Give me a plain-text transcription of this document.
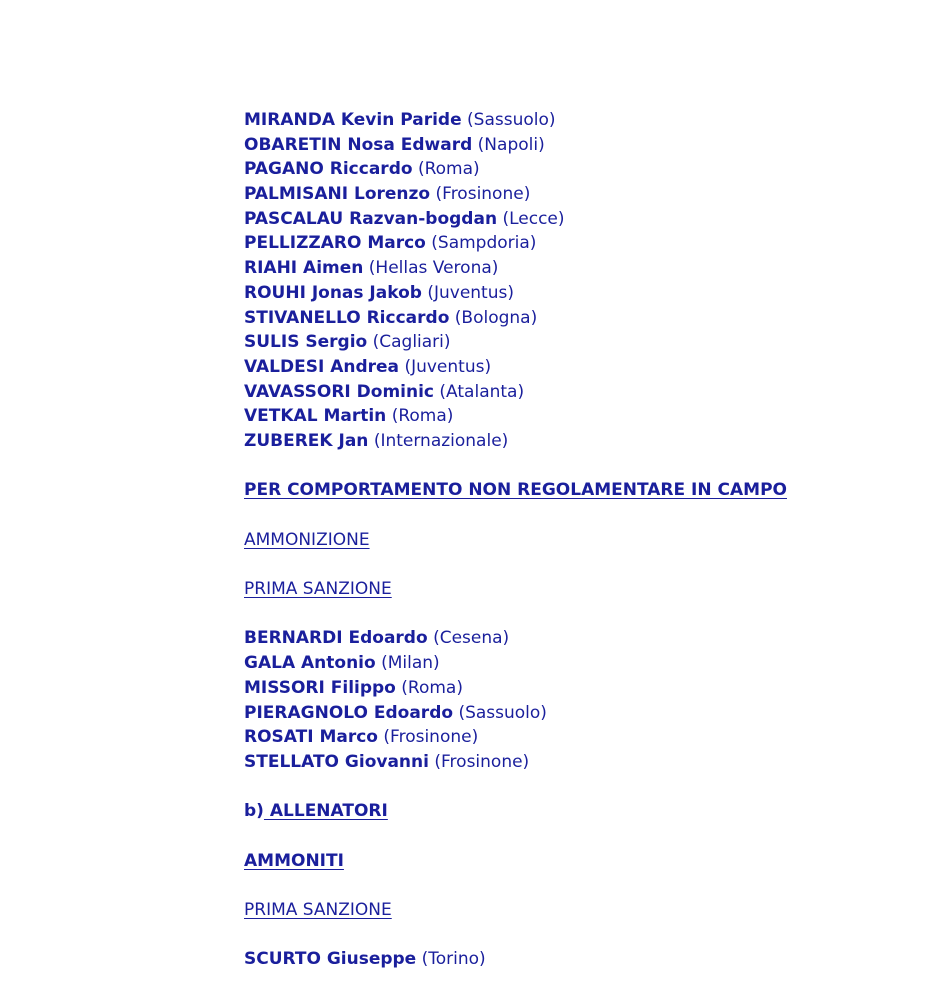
MIRANDA Kevin Paride (Sassuolo)
OBARETIN Nosa Edward (Napoli)
PAGANO Riccardo (Roma)
PALMISANI Lorenzo (Frosinone)
PASCALAU Razvan-bogdan (Lecce)
PELLIZZARO Marco (Sampdoria)
RIAHI Aimen (Hellas Verona)
ROUHI Jonas Jakob (Juventus)
STIVANELLO Riccardo (Bologna)
SULIS Sergio (Cagliari)
VALDESI Andrea (Juventus)
VAVASSORI Dominic (Atalanta)
VETKAL Martin (Roma)
ZUBEREK Jan (Internazionale)
PER COMPORTAMENTO NON REGOLAMENTARE IN CAMPO
AMMONIZIONE
PRIMA SANZIONE
BERNARDI Edoardo (Cesena)
GALA Antonio (Milan)
MISSORI Filippo (Roma)
PIERAGNOLO Edoardo (Sassuolo)
ROSATI Marco (Frosinone)
STELLATO Giovanni (Frosinone)
b) ALLENATORI
AMMONITI
PRIMA SANZIONE
SCURTO Giuseppe (Torino)
